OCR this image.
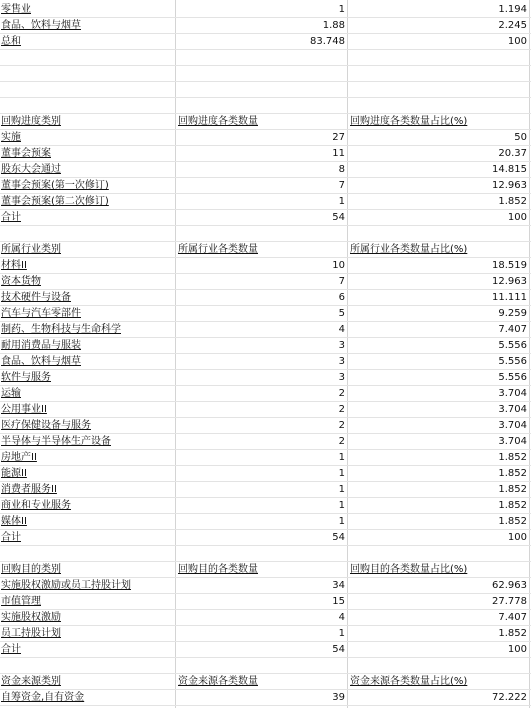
零售业	1	1.194
食品、饮料与烟草	1.88	2.245
总和	83.748	100
回购进度类别	回购进度各类数量	回购进度各类数量占比(%)
实施	27	50
董事会预案	11	20.37
股东大会通过	8	14.815
董事会预案(第一次修订)	7	12.963
董事会预案(第二次修订)	1	1.852
合计	54	100
所属行业类别	所属行业各类数量	所属行业各类数量占比(%)
材料II	10	18.519
资本货物	7	12.963
技术硬件与设备	6	11.111
汽车与汽车零部件	5	9.259
制药、生物科技与生命科学	4	7.407
耐用消费品与服装	3	5.556
食品、饮料与烟草	3	5.556
软件与服务	3	5.556
运输	2	3.704
公用事业II	2	3.704
医疗保健设备与服务	2	3.704
半导体与半导体生产设备	2	3.704
房地产II	1	1.852
能源II	1	1.852
消费者服务II	1	1.852
商业和专业服务	1	1.852
媒体II	1	1.852
合计	54	100
回购目的类别	回购目的各类数量	回购目的各类数量占比(%)
实施股权激励或员工持股计划	34	62.963
市值管理	15	27.778
实施股权激励	4	7.407
员工持股计划	1	1.852
合计	54	100
资金来源类别	资金来源各类数量	资金来源各类数量占比(%)
自筹资金,自有资金	39	72.222
